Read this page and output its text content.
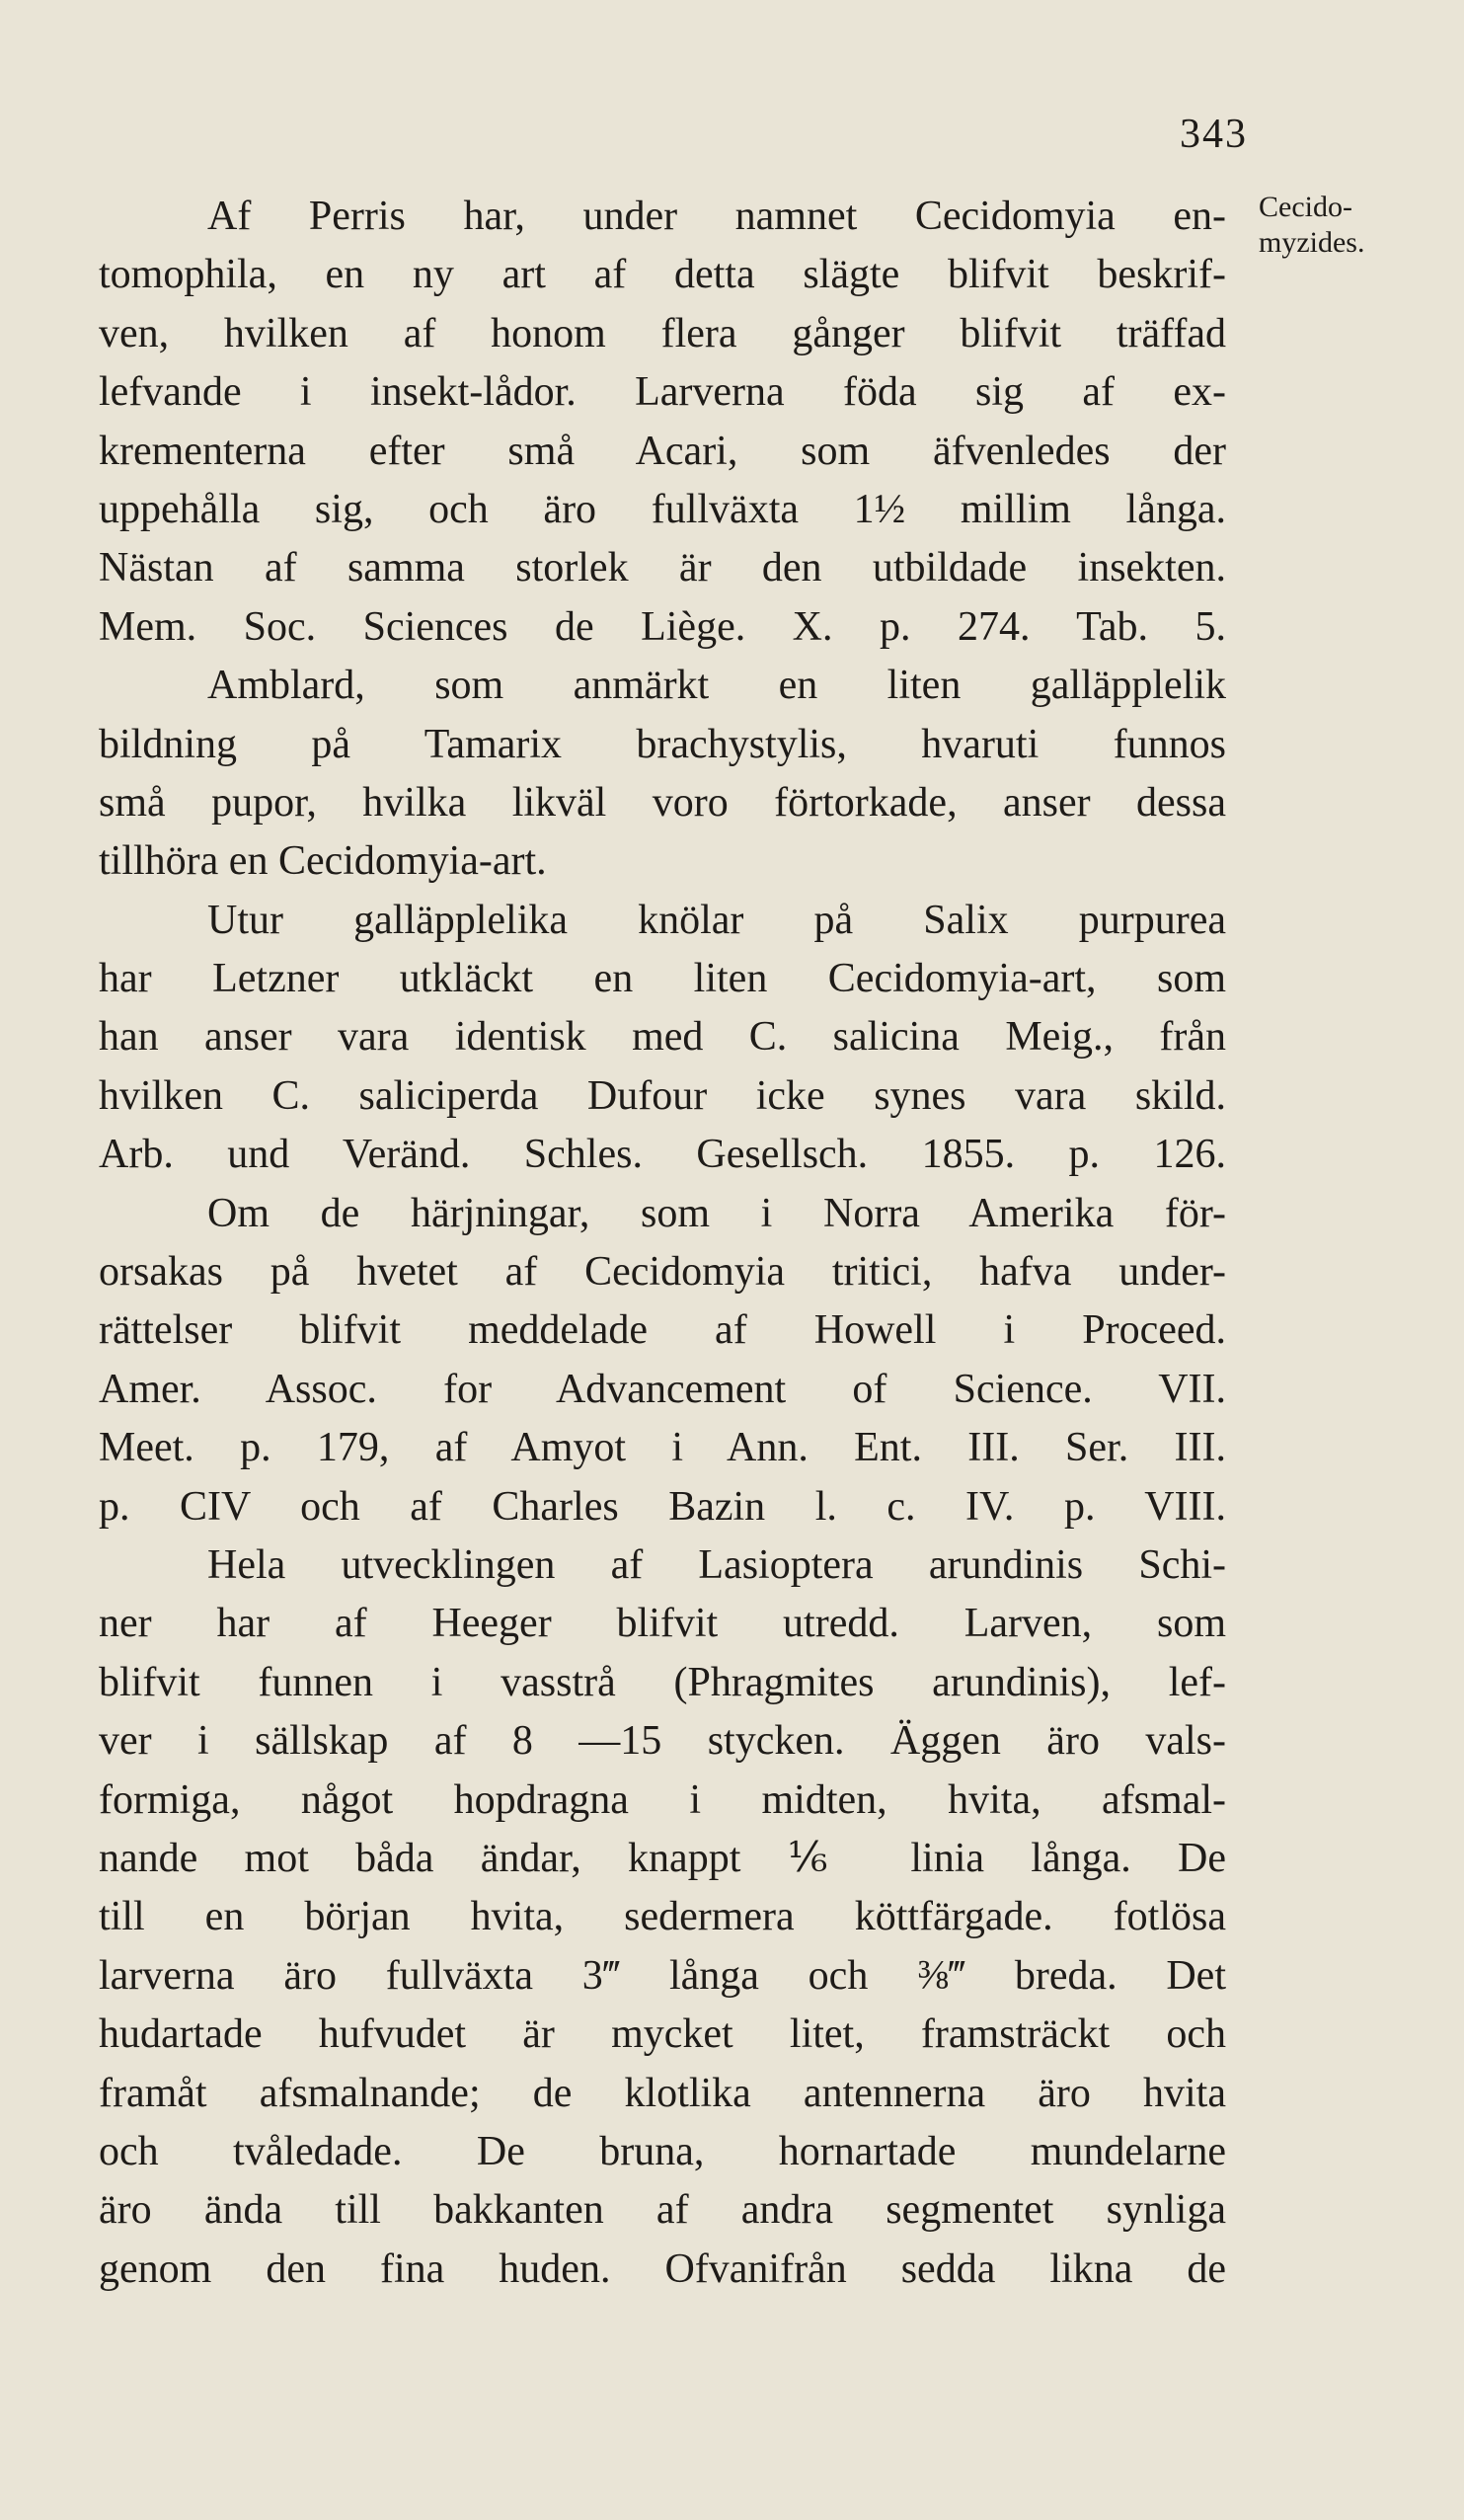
343
Cecido-
myzides.
Af Perris har, under namnet Cecidomyia en-
tomophila, en ny art af detta slägte blifvit beskrif-
ven, hvilken af honom flera gånger blifvit träffad
lefvande i insekt-lådor. Larverna föda sig af ex-
krementerna efter små Acari, som äfvenledes der
uppehålla sig, och äro fullväxta 1½ millim långa.
Nästan af samma storlek är den utbildade insekten.
Mem. Soc. Sciences de Liège. X. p. 274. Tab. 5.
Amblard, som anmärkt en liten galläpplelik
bildning på Tamarix brachystylis, hvaruti funnos
små pupor, hvilka likväl voro förtorkade, anser dessa
tillhöra en Cecidomyia-art.
Utur galläpplelika knölar på Salix purpurea
har Letzner utkläckt en liten Cecidomyia-art, som
han anser vara identisk med C. salicina Meig., från
hvilken C. saliciperda Dufour icke synes vara skild.
Arb. und Veränd. Schles. Gesellsch. 1855. p. 126.
Om de härjningar, som i Norra Amerika för-
orsakas på hvetet af Cecidomyia tritici, hafva under-
rättelser blifvit meddelade af Howell i Proceed.
Amer. Assoc. for Advancement of Science. VII.
Meet. p. 179, af Amyot i Ann. Ent. III. Ser. III.
p. CIV och af Charles Bazin l. c. IV. p. VIII.
Hela utvecklingen af Lasioptera arundinis Schi-
ner har af Heeger blifvit utredd. Larven, som
blifvit funnen i vasstrå (Phragmites arundinis), lef-
ver i sällskap af 8 —15 stycken. Äggen äro vals-
formiga, något hopdragna i midten, hvita, afsmal-
nande mot båda ändar, knappt ⅙ linia långa. De
till en början hvita, sedermera köttfärgade. fotlösa
larverna äro fullväxta 3‴ långa och ⅜‴ breda. Det
hudartade hufvudet är mycket litet, framsträckt och
framåt afsmalnande; de klotlika antennerna äro hvita
och tvåledade. De bruna, hornartade mundelarne
äro ända till bakkanten af andra segmentet synliga
genom den fina huden. Ofvanifrån sedda likna de
